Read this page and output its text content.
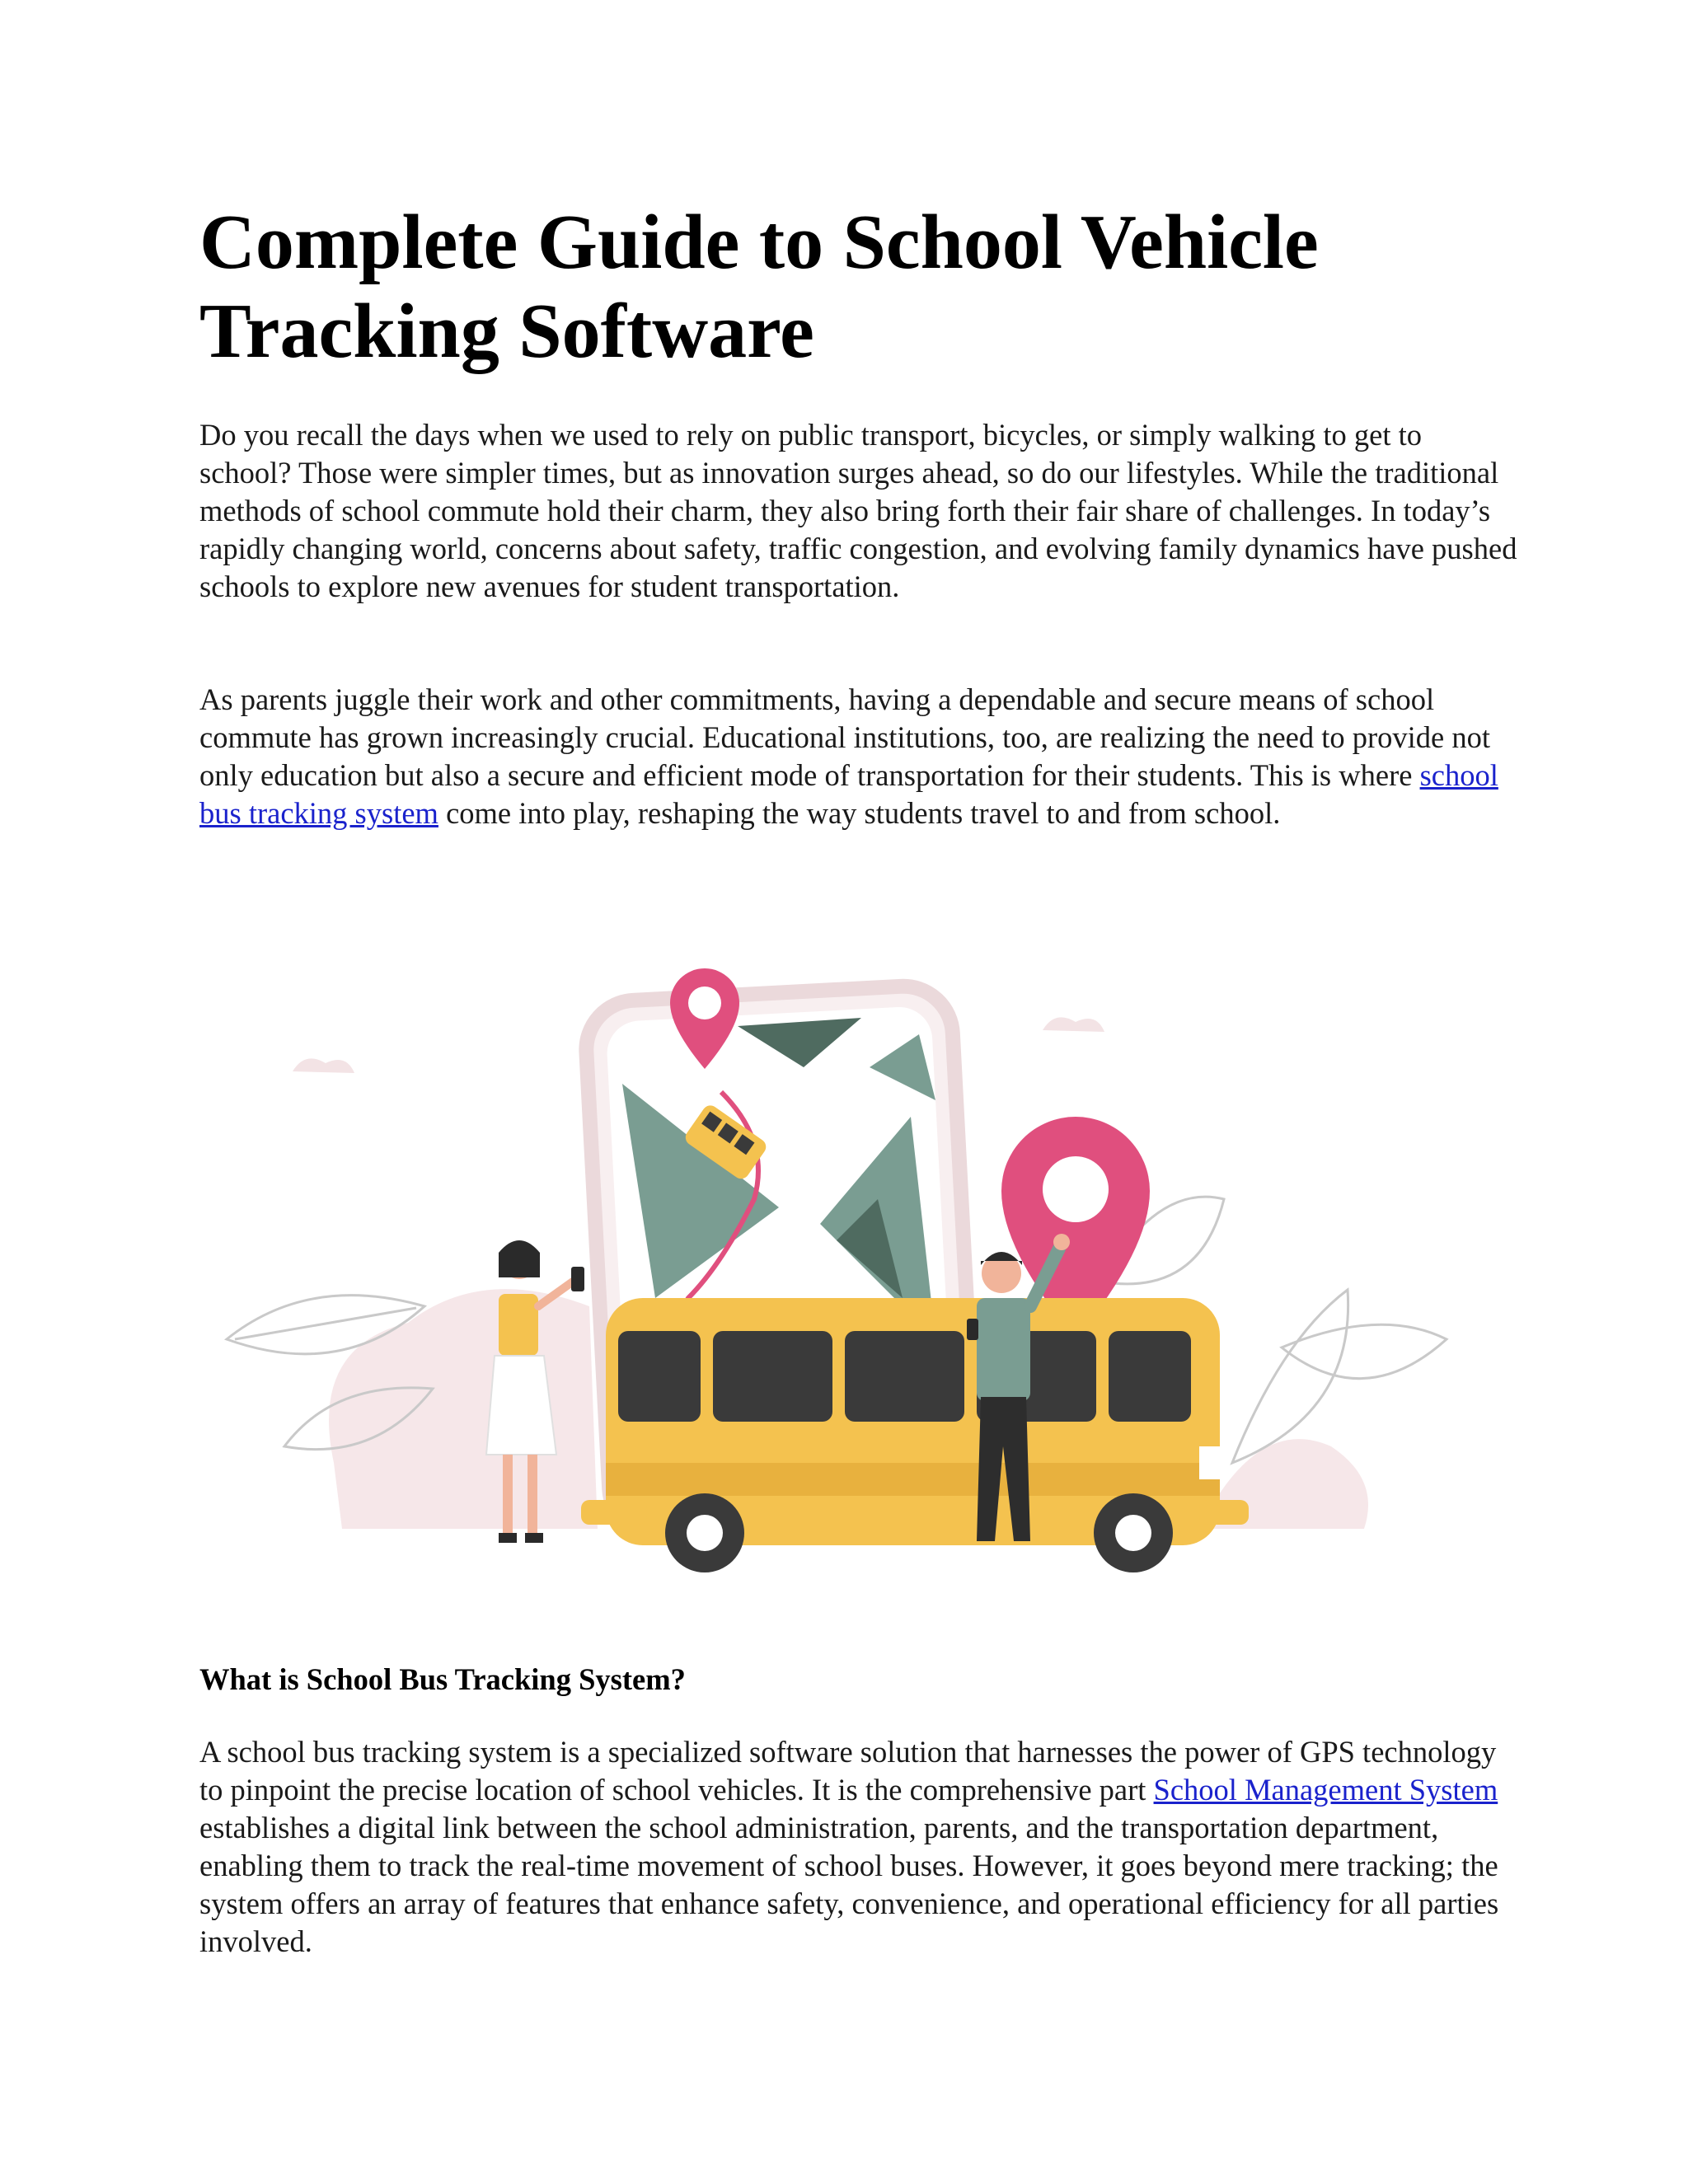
Complete Guide to School Vehicle Tracking Software

Do you recall the days when we used to rely on public transport, bicycles, or simply walking to get to school? Those were simpler times, but as innovation surges ahead, so do our lifestyles. While the traditional methods of school commute hold their charm, they also bring forth their fair share of challenges. In today’s rapidly changing world, concerns about safety, traffic congestion, and evolving family dynamics have pushed schools to explore new avenues for student transportation.

As parents juggle their work and other commitments, having a dependable and secure means of school commute has grown increasingly crucial. Educational institutions, too, are realizing the need to provide not only education but also a secure and efficient mode of transportation for their students. This is where school bus tracking system come into play, reshaping the way students travel to and from school.

What is School Bus Tracking System?

A school bus tracking system is a specialized software solution that harnesses the power of GPS technology to pinpoint the precise location of school vehicles. It is the comprehensive part School Management System establishes a digital link between the school administration, parents, and the transportation department, enabling them to track the real-time movement of school buses. However, it goes beyond mere tracking; the system offers an array of features that enhance safety, convenience, and operational efficiency for all parties involved.
